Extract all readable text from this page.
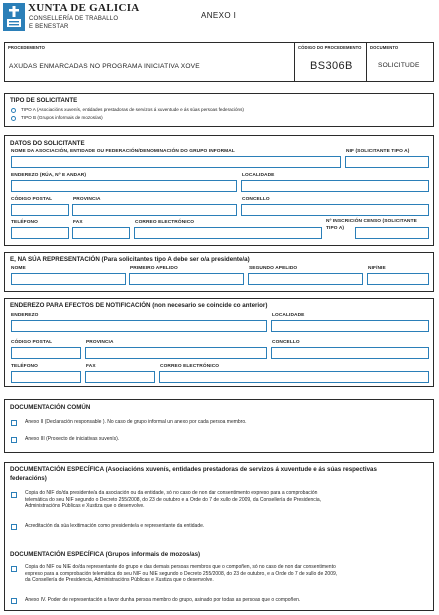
XUNTA DE GALICIA
CONSELLERÍA DE TRABALLO
E BENESTAR
ANEXO I
PROCEDEMENTO	CÓDIGO DO PROCEDEMENTO DOCUMENTO
AXUDAS ENMARCADAS NO PROGRAMA INICIATIVA XOVE	BS306B	SOLICITUDE
TIPO DE SOLICITANTE
TIPO A (Asociacións xuvenís, entidades prestadoras de servizos á xuventude e ás súas persoas federacións)
TIPO B (Grupos informais de mozos/as)
DATOS DO SOLICITANTE
NOME DA ASOCIACIÓN, ENTIDADE OU FEDERACIÓN/DENOMINACIÓN DO GRUPO INFORMAL	NIF (SOLICITANTE TIPO A)
ENDEREZO (RÚA, Nº E ANDAR)	LOCALIDADE
CÓDIGO POSTAL	PROVINCIA	CONCELLO
TELÉFONO	FAX	CORREO ELECTRÓNICO	Nº INSCRICIÓN CENSO (SOLICITANTE
TIPO A)
E, NA SÚA REPRESENTACIÓN (Para solicitantes tipo A debe ser o/a presidente/a)
NOME	PRIMEIRO APELIDO	SEGUNDO APELIDO	NIF/NIE
ENDEREZO PARA EFECTOS DE NOTIFICACIÓN (non necesario se coincide co anterior)
ENDEREZO	LOCALIDADE
CÓDIGO POSTAL	PROVINCIA	CONCELLO
TELÉFONO	FAX	CORREO ELECTRÓNICO
DOCUMENTACIÓN COMÚN
Anexo II (Declaración responsable ). No caso de grupo informal un anexo por cada persoa membro.
Anexo III (Proxecto de iniciativas xuvenís).
DOCUMENTACIÓN ESPECÍFICA (Asociacións xuvenís, entidades prestadoras de servizos á xuventude e ás súas respectivas
federacións)
Copia do NIF do/da presidente/a da asociación ou da entidade, só no caso de non dar consentimento expreso para a comprobación
telemática do seu NIF segundo o Decreto 255/2008, do 23 de outubro e a Orde do 7 de xullo de 2009, da Consellería de Presidencia,
Administracións Públicas e Xustiza que o desenvolve.
Acreditación da súa lexitimación como presidente/a e representante da entidade.
DOCUMENTACIÓN ESPECÍFICA (Grupos informais de mozos/as)
Copia do NIF ou NIE do/da representante do grupo e das demais persoas membros que o compoñen, só no caso de non dar consentimento
expreso para a comprobación telemática do seu NIF ou NIE segundo o Decreto 255/2008, do 23 de outubro, e a Orde do 7 de xullo de 2009,
da Consellería de Presidencia, Administracións Públicas e Xustiza que o desenvolve.
Anexo IV. Poder de representación a favor dunha persoa membro do grupo, asinado por todas as persoas que o compoñen.
